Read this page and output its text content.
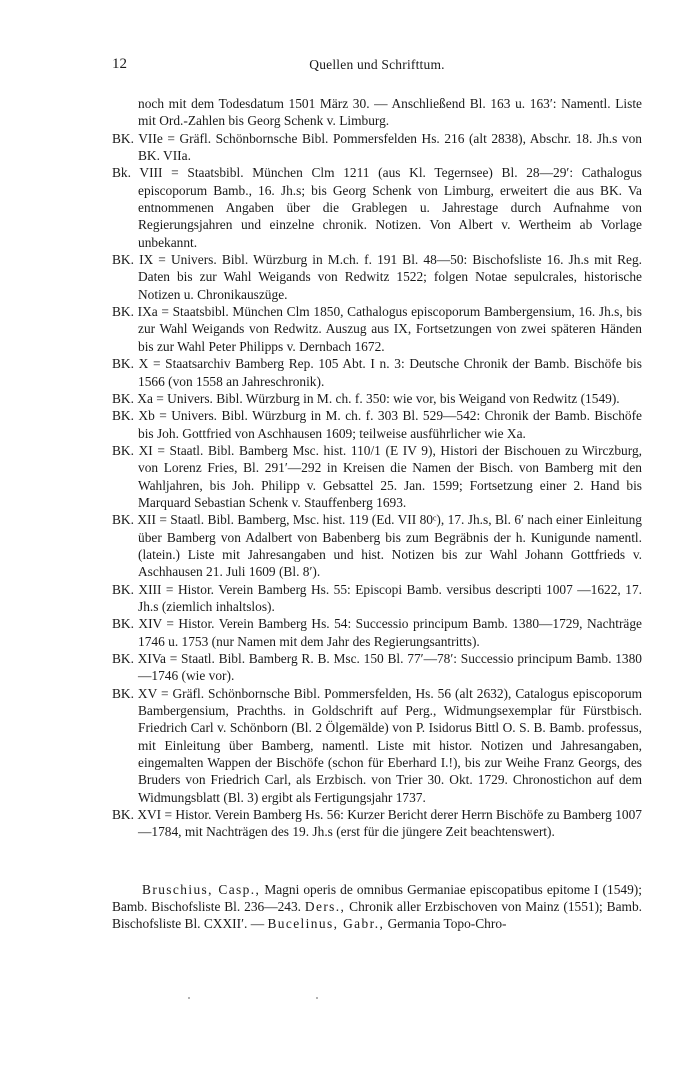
12	Quellen und Schrifttum.

noch mit dem Todesdatum 1501 März 30. — Anschließend Bl. 163 u. 163′: Namentl. Liste mit Ord.-Zahlen bis Georg Schenk v. Limburg.

BK. VIIe = Gräfl. Schönbornsche Bibl. Pommersfelden Hs. 216 (alt 2838), Abschr. 18. Jh.s von BK. VIIa.

Bk. VIII = Staatsbibl. München Clm 1211 (aus Kl. Tegernsee) Bl. 28—29′: Cathalogus episcoporum Bamb., 16. Jh.s; bis Georg Schenk von Limburg, erweitert die aus BK. Va entnommenen Angaben über die Grablegen u. Jahrestage durch Aufnahme von Regierungsjahren und einzelne chronik. Notizen. Von Albert v. Wertheim ab Vorlage unbekannt.

BK. IX = Univers. Bibl. Würzburg in M.ch. f. 191 Bl. 48—50: Bischofsliste 16. Jh.s mit Reg. Daten bis zur Wahl Weigands von Redwitz 1522; folgen Notae sepulcrales, historische Notizen u. Chronikauszüge.

BK. IXa = Staatsbibl. München Clm 1850, Cathalogus episcoporum Bambergensium, 16. Jh.s, bis zur Wahl Weigands von Redwitz. Auszug aus IX, Fortsetzungen von zwei späteren Händen bis zur Wahl Peter Philipps v. Dernbach 1672.

BK. X = Staatsarchiv Bamberg Rep. 105 Abt. I n. 3: Deutsche Chronik der Bamb. Bischöfe bis 1566 (von 1558 an Jahreschronik).

BK. Xa = Univers. Bibl. Würzburg in M. ch. f. 350: wie vor, bis Weigand von Redwitz (1549).

BK. Xb = Univers. Bibl. Würzburg in M. ch. f. 303 Bl. 529—542: Chronik der Bamb. Bischöfe bis Joh. Gottfried von Aschhausen 1609; teilweise ausführlicher wie Xa.

BK. XI = Staatl. Bibl. Bamberg Msc. hist. 110/1 (E IV 9), Histori der Bischouen zu Wirczburg, von Lorenz Fries, Bl. 291′—292 in Kreisen die Namen der Bisch. von Bamberg mit den Wahljahren, bis Joh. Philipp v. Gebsattel 25. Jan. 1599; Fortsetzung einer 2. Hand bis Marquard Sebastian Schenk v. Stauffenberg 1693.

BK. XII = Staatl. Bibl. Bamberg, Msc. hist. 119 (Ed. VII 80ᶜ), 17. Jh.s, Bl. 6′ nach einer Einleitung über Bamberg von Adalbert von Babenberg bis zum Begräbnis der h. Kunigunde namentl. (latein.) Liste mit Jahresangaben und hist. Notizen bis zur Wahl Johann Gottfrieds v. Aschhausen 21. Juli 1609 (Bl. 8′).

BK. XIII = Histor. Verein Bamberg Hs. 55: Episcopi Bamb. versibus descripti 1007 —1622, 17. Jh.s (ziemlich inhaltslos).

BK. XIV = Histor. Verein Bamberg Hs. 54: Successio principum Bamb. 1380—1729, Nachträge 1746 u. 1753 (nur Namen mit dem Jahr des Regierungsantritts).

BK. XIVa = Staatl. Bibl. Bamberg R. B. Msc. 150 Bl. 77′—78′: Successio principum Bamb. 1380—1746 (wie vor).

BK. XV = Gräfl. Schönbornsche Bibl. Pommersfelden, Hs. 56 (alt 2632), Catalogus episcoporum Bambergensium, Prachths. in Goldschrift auf Perg., Widmungsexemplar für Fürstbisch. Friedrich Carl v. Schönborn (Bl. 2 Ölgemälde) von P. Isidorus Bittl O. S. B. Bamb. professus, mit Einleitung über Bamberg, namentl. Liste mit histor. Notizen und Jahresangaben, eingemalten Wappen der Bischöfe (schon für Eberhard I.!), bis zur Weihe Franz Georgs, des Bruders von Friedrich Carl, als Erzbisch. von Trier 30. Okt. 1729. Chronostichon auf dem Widmungsblatt (Bl. 3) ergibt als Fertigungsjahr 1737.

BK. XVI = Histor. Verein Bamberg Hs. 56: Kurzer Bericht derer Herrn Bischöfe zu Bamberg 1007—1784, mit Nachträgen des 19. Jh.s (erst für die jüngere Zeit beachtenswert).

Bruschius, Casp., Magni operis de omnibus Germaniae episcopatibus epitome I (1549); Bamb. Bischofsliste Bl. 236—243. Ders., Chronik aller Erzbischoven von Mainz (1551); Bamb. Bischofsliste Bl. CXXII′. — Bucelinus, Gabr., Germania Topo-Chro-
